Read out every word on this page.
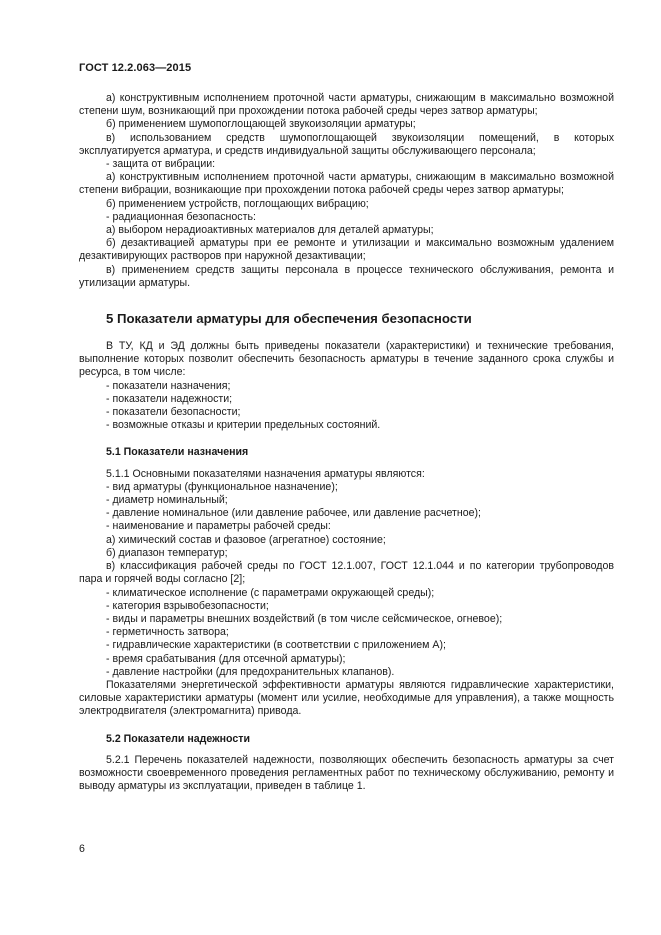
ГОСТ 12.2.063—2015

а) конструктивным исполнением проточной части арматуры, снижающим в максимально возможной степени шум, возникающий при прохождении потока рабочей среды через затвор арматуры;

б) применением шумопоглощающей звукоизоляции арматуры;

в) использованием средств шумопоглощающей звукоизоляции помещений, в которых эксплуатируется арматура, и средств индивидуальной защиты обслуживающего персонала;

- защита от вибрации:

а) конструктивным исполнением проточной части арматуры, снижающим в максимально возможной степени вибрации, возникающие при прохождении потока рабочей среды через затвор арматуры;

б) применением устройств, поглощающих вибрацию;

- радиационная безопасность:

а) выбором нерадиоактивных материалов для деталей арматуры;

б) дезактивацией арматуры при ее ремонте и утилизации и максимально возможным удалением дезактивирующих растворов при наружной дезактивации;

в) применением средств защиты персонала в процессе технического обслуживания, ремонта и утилизации арматуры.

5 Показатели арматуры для обеспечения безопасности

В ТУ, КД и ЭД должны быть приведены показатели (характеристики) и технические требования, выполнение которых позволит обеспечить безопасность арматуры в течение заданного срока службы и ресурса, в том числе:

- показатели назначения;

- показатели надежности;

- показатели безопасности;

- возможные отказы и критерии предельных состояний.

5.1 Показатели назначения

5.1.1 Основными показателями назначения арматуры являются:

- вид арматуры (функциональное назначение);

- диаметр номинальный;

- давление номинальное (или давление рабочее, или давление расчетное);

- наименование и параметры рабочей среды:

а) химический состав и фазовое (агрегатное) состояние;

б) диапазон температур;

в) классификация рабочей среды по ГОСТ 12.1.007, ГОСТ 12.1.044 и по категории трубопроводов пара и горячей воды согласно [2];

- климатическое исполнение (с параметрами окружающей среды);

- категория взрывобезопасности;

- виды и параметры внешних воздействий (в том числе сейсмическое, огневое);

- герметичность затвора;

- гидравлические характеристики (в соответствии с приложением А);

- время срабатывания (для отсечной арматуры);

- давление настройки (для предохранительных клапанов).

Показателями энергетической эффективности арматуры являются гидравлические характеристики, силовые характеристики арматуры (момент или усилие, необходимые для управления), а также мощность электродвигателя (электромагнита) привода.

5.2 Показатели надежности

5.2.1 Перечень показателей надежности, позволяющих обеспечить безопасность арматуры за счет возможности своевременного проведения регламентных работ по техническому обслуживанию, ремонту и выводу арматуры из эксплуатации, приведен в таблице 1.

6
